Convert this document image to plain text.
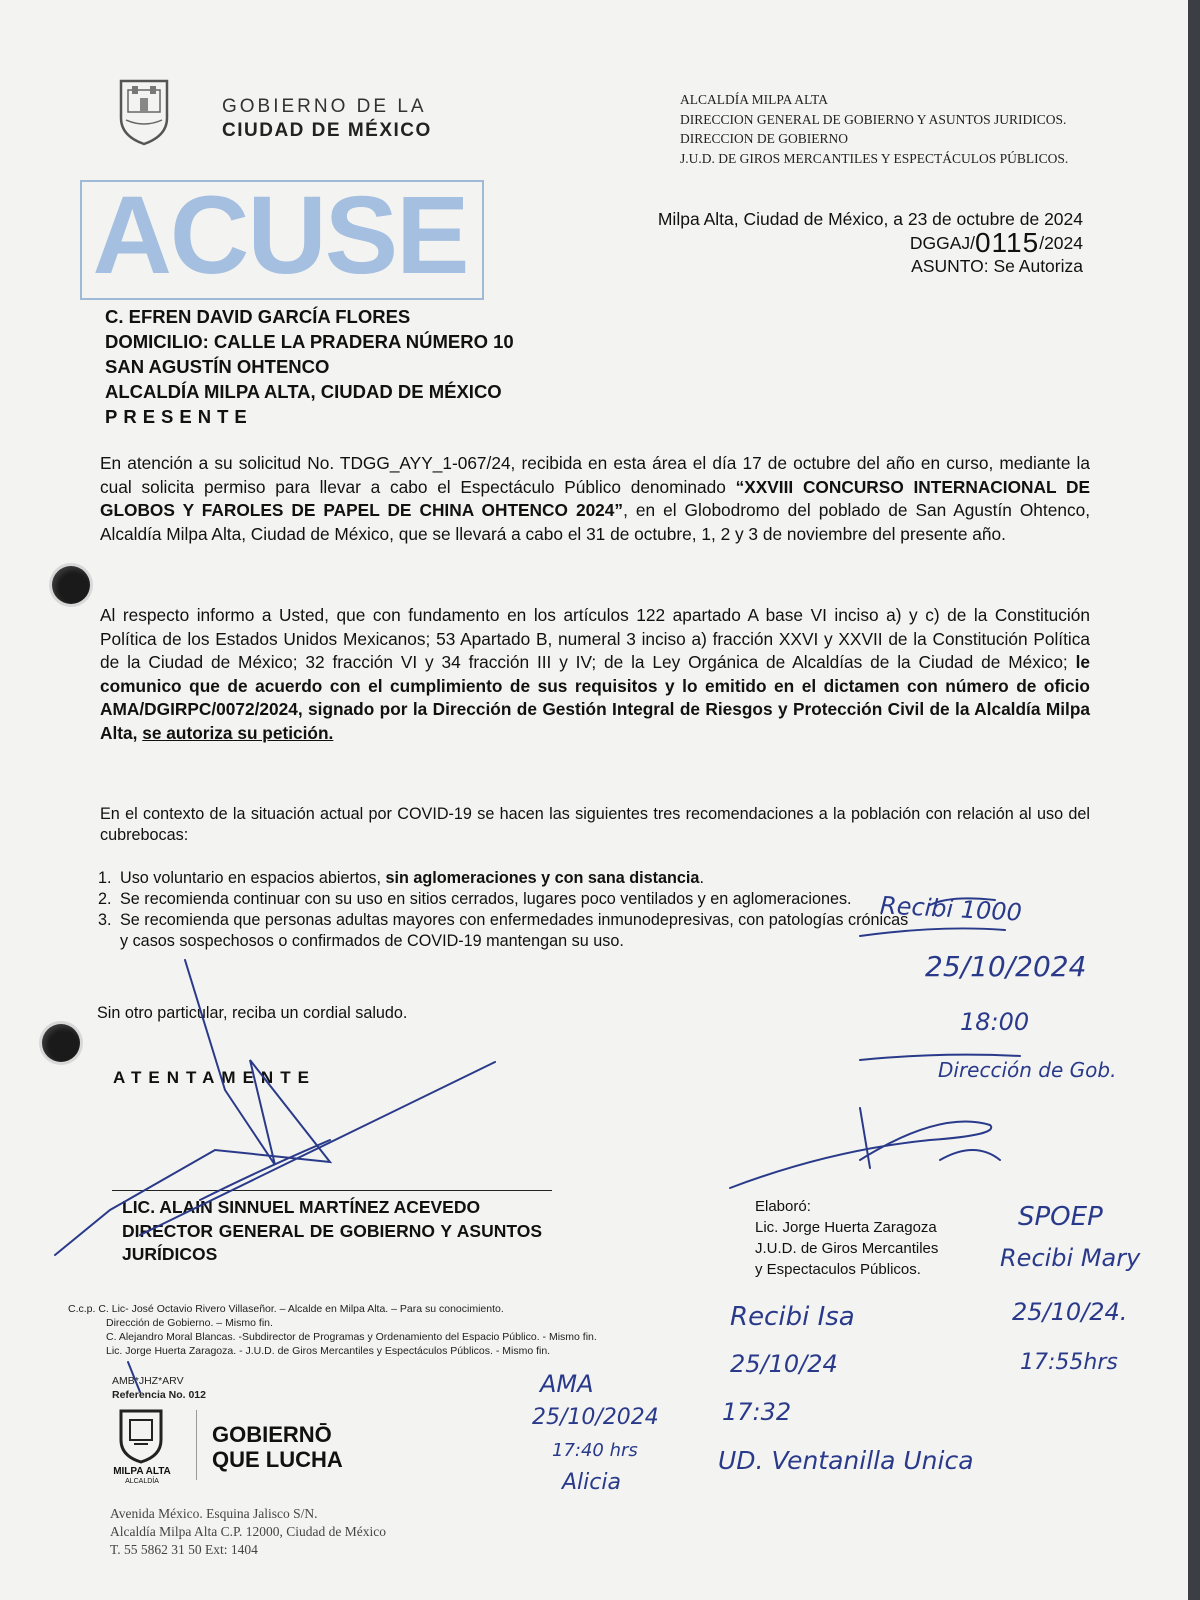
GOBIERNO DE LA
CIUDAD DE MÉXICO
ALCALDÍA MILPA ALTA
DIRECCION GENERAL DE GOBIERNO Y ASUNTOS JURIDICOS.
DIRECCION DE GOBIERNO
J.U.D. DE GIROS MERCANTILES Y ESPECTÁCULOS PÚBLICOS.
ACUSE	Milpa Alta, Ciudad de México, a 23 de octubre de 2024
DGGAJ/0115/2024
ASUNTO: Se Autoriza
C. EFREN DAVID GARCÍA FLORES
DOMICILIO: CALLE LA PRADERA NÚMERO 10
SAN AGUSTÍN OHTENCO
ALCALDÍA MILPA ALTA, CIUDAD DE MÉXICO
PRESENTE
En atención a su solicitud No. TDGG_AYY_1-067/24, recibida en esta área el día 17 de octubre del año en curso, mediante la cual solicita permiso para llevar a cabo el Espectáculo Público denominado “XXVIII CONCURSO INTERNACIONAL DE GLOBOS Y FAROLES DE PAPEL DE CHINA OHTENCO 2024”, en el Globodromo del poblado de San Agustín Ohtenco, Alcaldía Milpa Alta, Ciudad de México, que se llevará a cabo el 31 de octubre, 1, 2 y 3 de noviembre del presente año.
Al respecto informo a Usted, que con fundamento en los artículos 122 apartado A base VI inciso a) y c) de la Constitución Política de los Estados Unidos Mexicanos; 53 Apartado B, numeral 3 inciso a) fracción XXVI y XXVII de la Constitución Política de la Ciudad de México; 32 fracción VI y 34 fracción III y IV; de la Ley Orgánica de Alcaldías de la Ciudad de México; le comunico que de acuerdo con el cumplimiento de sus requisitos y lo emitido en el dictamen con número de oficio AMA/DGIRPC/0072/2024, signado por la Dirección de Gestión Integral de Riesgos y Protección Civil de la Alcaldía Milpa Alta, se autoriza su petición.
En el contexto de la situación actual por COVID-19 se hacen las siguientes tres recomendaciones a la población con relación al uso del cubrebocas:
1. Uso voluntario en espacios abiertos, sin aglomeraciones y con sana distancia.
2. Se recomienda continuar con su uso en sitios cerrados, lugares poco ventilados y en aglomeraciones.
3. Se recomienda que personas adultas mayores con enfermedades inmunodepresivas, con patologías crónicas y casos sospechosos o confirmados de COVID-19 mantengan su uso.
Sin otro particular, reciba un cordial saludo.
ATENTAMENTE
LIC. ALAIN SINNUEL MARTÍNEZ ACEVEDO
DIRECTOR GENERAL DE GOBIERNO Y ASUNTOS JURÍDICOS
Elaboró:
Lic. Jorge Huerta Zaragoza
J.U.D. de Giros Mercantiles
y Espectaculos Públicos.
C.c.p. C. Lic- José Octavio Rivero Villaseñor. – Alcalde en Milpa Alta. – Para su conocimiento.
Dirección de Gobierno. – Mismo fin.
C. Alejandro Moral Blancas. -Subdirector de Programas y Ordenamiento del Espacio Público. - Mismo fin.
Lic. Jorge Huerta Zaragoza. - J.U.D. de Giros Mercantiles y Espectáculos Públicos. - Mismo fin.
AMB*JHZ*ARV
Referencia No. 012
MILPA ALTA
ALCALDÍA
GOBIERNŌ
QUE LUCHA
Avenida México. Esquina Jalisco S/N.
Alcaldía Milpa Alta C.P. 12000, Ciudad de México
T. 55 5862 31 50 Ext: 1404
Recibi 1000
25/10/2024
18:00
Dirección de Gob.
SPOEP
Recibi Mary
25/10/24.
17:55hrs
Recibi Isa
25/10/24
17:32
UD. Ventanilla Unica
AMA
25/10/2024
17:40 hrs
Alicia
